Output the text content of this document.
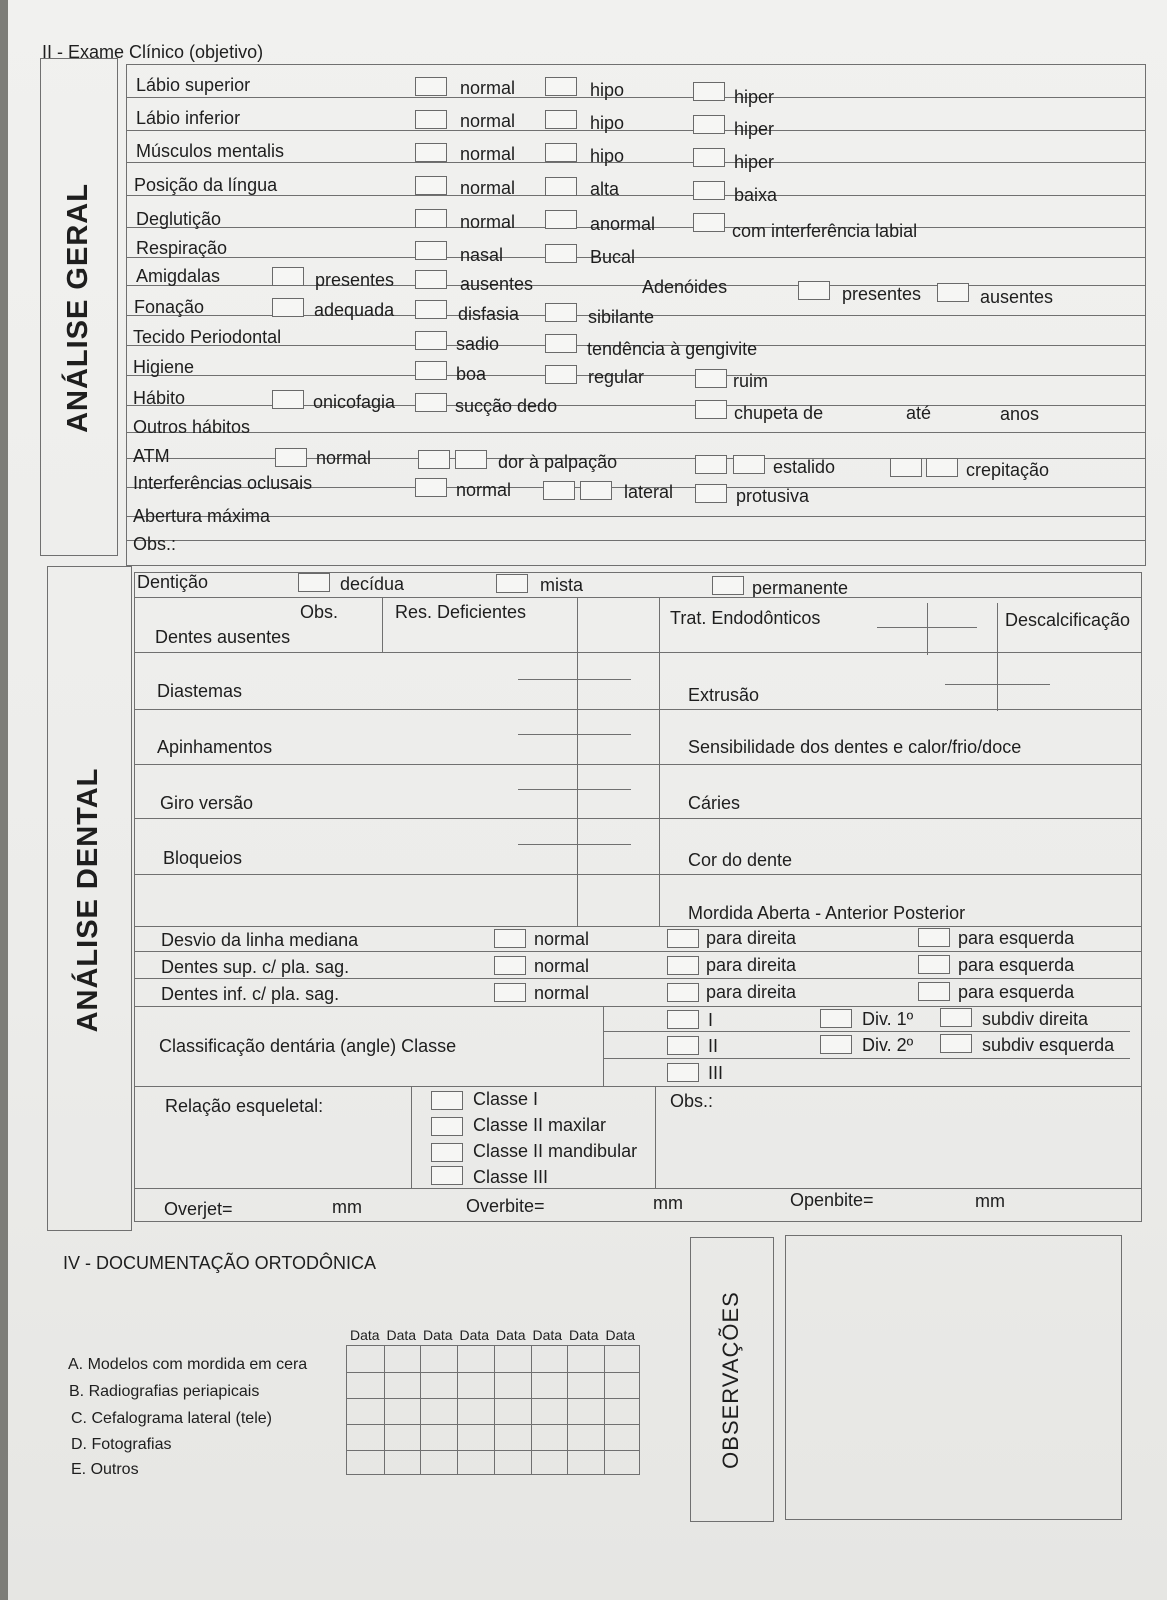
II - Exame Clínico (objetivo)
ANÁLISE GERAL
Lábio superior	normal	hipo	hiper
Lábio inferior	normal	hipo	hiper
Músculos mentalis	normal	hipo	hiper
Posição da língua	normal	alta	baixa
Deglutição	normal	anormal	com interferência labial
Respiração	nasal	Bucal
Amigdalas	presentes	ausentes	Adenóides	presentes	ausentes
Fonação	adequada	disfasia	sibilante
Tecido Periodontal	sadio	tendência à gengivite
Higiene	boa	regular	ruim
Hábito	onicofagia	sucção dedo	chupeta de	até	anos
Outros hábitos
ATM	normal	dor à palpação	estalido	crepitação
Interferências oclusais	normal	lateral	protusiva
Abertura máxima
Obs.:
ANÁLISE DENTAL
Dentição	decídua	mista	permanente
Obs.	Res. Deficientes	Trat. Endodônticos	Descalcificação
Dentes ausentes
Diastemas	Extrusão
Apinhamentos	Sensibilidade dos dentes e calor/frio/doce
Giro versão	Cáries
Bloqueios	Cor do dente
Mordida Aberta - Anterior Posterior
Desvio da linha mediana	normal	para direita	para esquerda
Dentes sup. c/ pla. sag.	normal	para direita	para esquerda
Dentes inf. c/ pla. sag.	normal	para direita	para esquerda
Classificação dentária (angle) Classe
I	Div. 1º	subdiv direita
II	Div. 2º	subdiv esquerda
III
Relação esqueletal:	Classe I
Classe II maxilar
Classe II mandibular
Classe III
Obs.:
Overjet=	mm	Overbite=	mm	Openbite=	mm
IV - DOCUMENTAÇÃO ORTODÔNICA
Data Data Data Data Data Data Data Data
A. Modelos com mordida em cera
B. Radiografias periapicais
C. Cefalograma lateral (tele)
D. Fotografias
E. Outros
OBSERVAÇÕES
